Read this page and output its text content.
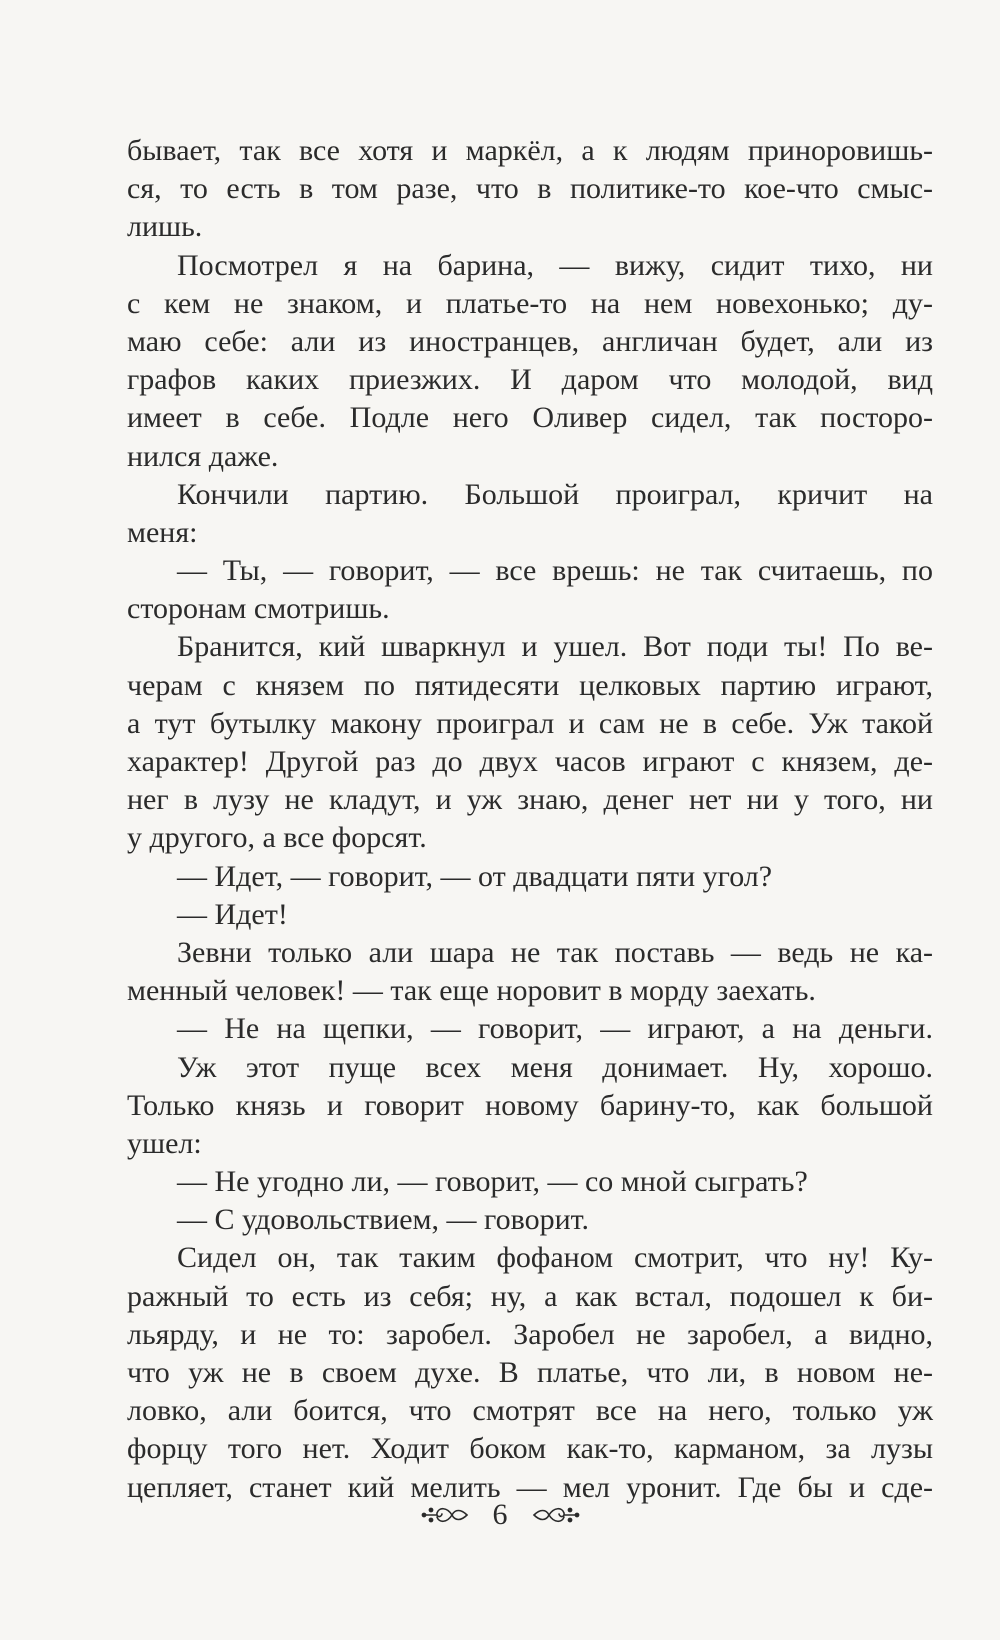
бывает, так все хотя и маркёл, а к людям приноровишь-
ся, то есть в том разе, что в политике-то кое-что смыс-
лишь.
Посмотрел я на барина, — вижу, сидит тихо, ни
с кем не знаком, и платье-то на нем новехонько; ду-
маю себе: али из иностранцев, англичан будет, али из
графов каких приезжих. И даром что молодой, вид
имеет в себе. Подле него Оливер сидел, так посторо-
нился даже.
Кончили партию. Большой проиграл, кричит на
меня:
— Ты, — говорит, — все врешь: не так считаешь, по
сторонам смотришь.
Бранится, кий шваркнул и ушел. Вот поди ты! По ве-
черам с князем по пятидесяти целковых партию играют,
а тут бутылку макону проиграл и сам не в себе. Уж такой
характер! Другой раз до двух часов играют с князем, де-
нег в лузу не кладут, и уж знаю, денег нет ни у того, ни
у другого, а все форсят.
— Идет, — говорит, — от двадцати пяти угол?
— Идет!
Зевни только али шара не так поставь — ведь не ка-
менный человек! — так еще норовит в морду заехать.
— Не на щепки, — говорит, — играют, а на деньги.
Уж этот пуще всех меня донимает. Ну, хорошо.
Только князь и говорит новому барину-то, как большой
ушел:
— Не угодно ли, — говорит, — со мной сыграть?
— С удовольствием, — говорит.
Сидел он, так таким фофаном смотрит, что ну! Ку-
ражный то есть из себя; ну, а как встал, подошел к би-
льярду, и не то: заробел. Заробел не заробел, а видно,
что уж не в своем духе. В платье, что ли, в новом не-
ловко, али боится, что смотрят все на него, только уж
форцу того нет. Ходит боком как-то, карманом, за лузы
цепляет, станет кий мелить — мел уронит. Где бы и сде-
6
